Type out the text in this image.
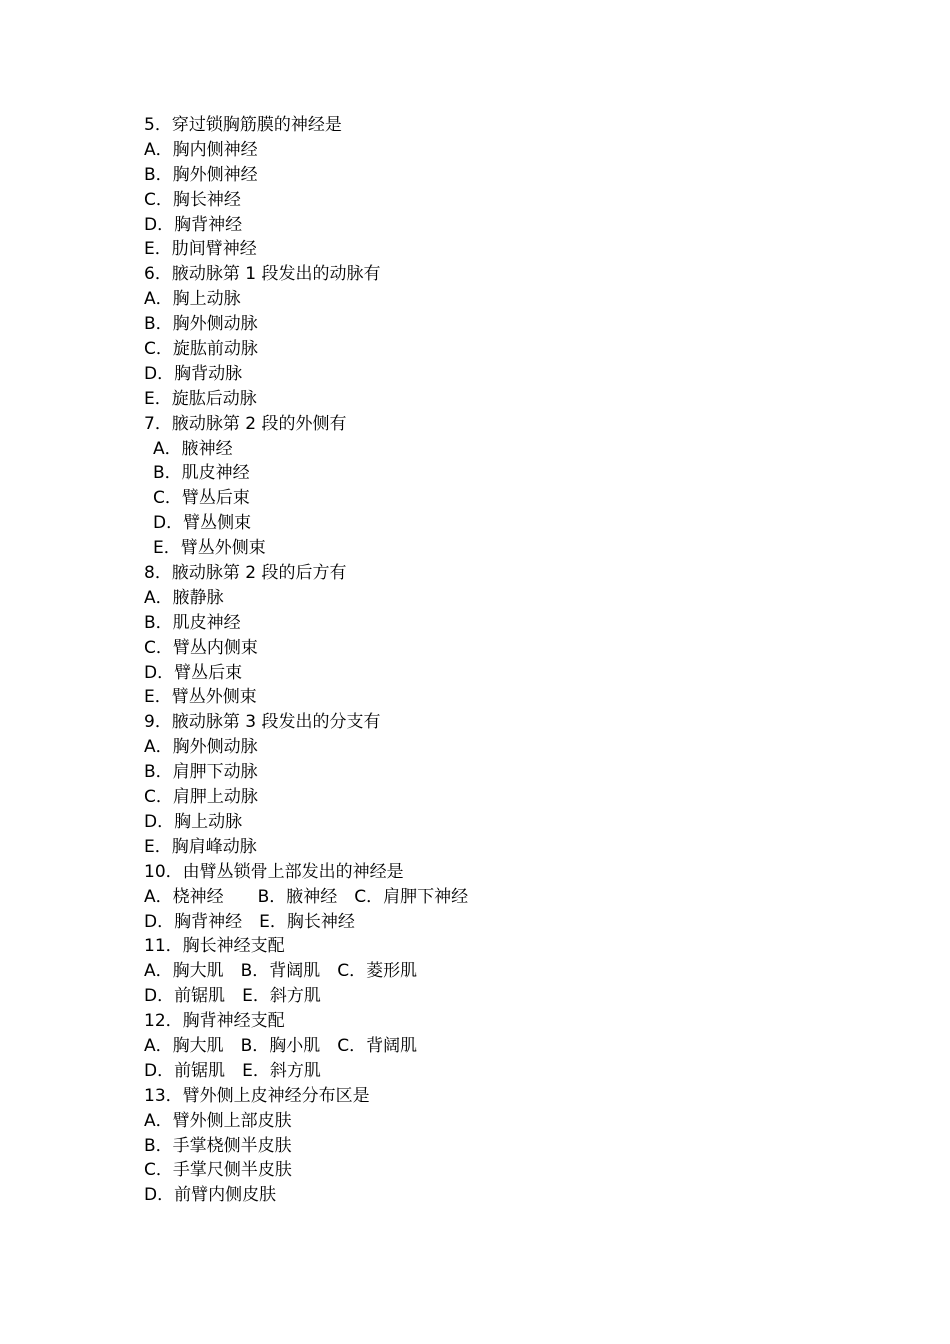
5．穿过锁胸筋膜的神经是
A．胸内侧神经
B．胸外侧神经
C．胸长神经
D．胸背神经
E．肋间臂神经
6．腋动脉第 1 段发出的动脉有
A．胸上动脉
B．胸外侧动脉
C．旋肱前动脉
D．胸背动脉
E．旋肱后动脉
7．腋动脉第 2 段的外侧有
A．腋神经
B．肌皮神经
C．臂丛后束
D．臂丛侧束
E．臂丛外侧束
8．腋动脉第 2 段的后方有
A．腋静脉
B．肌皮神经
C．臂丛内侧束
D．臂丛后束
E．臂丛外侧束
9．腋动脉第 3 段发出的分支有
A．胸外侧动脉
B．肩胛下动脉
C．肩胛上动脉
D．胸上动脉
E．胸肩峰动脉
10．由臂丛锁骨上部发出的神经是
A．桡神经　　B．腋神经　C．肩胛下神经
D．胸背神经　E．胸长神经
11．胸长神经支配
A．胸大肌　B．背阔肌　C．菱形肌
D．前锯肌　E．斜方肌
12．胸背神经支配
A．胸大肌　B．胸小肌　C．背阔肌
D．前锯肌　E．斜方肌
13．臂外侧上皮神经分布区是
A．臂外侧上部皮肤
B．手掌桡侧半皮肤
C．手掌尺侧半皮肤
D．前臂内侧皮肤
